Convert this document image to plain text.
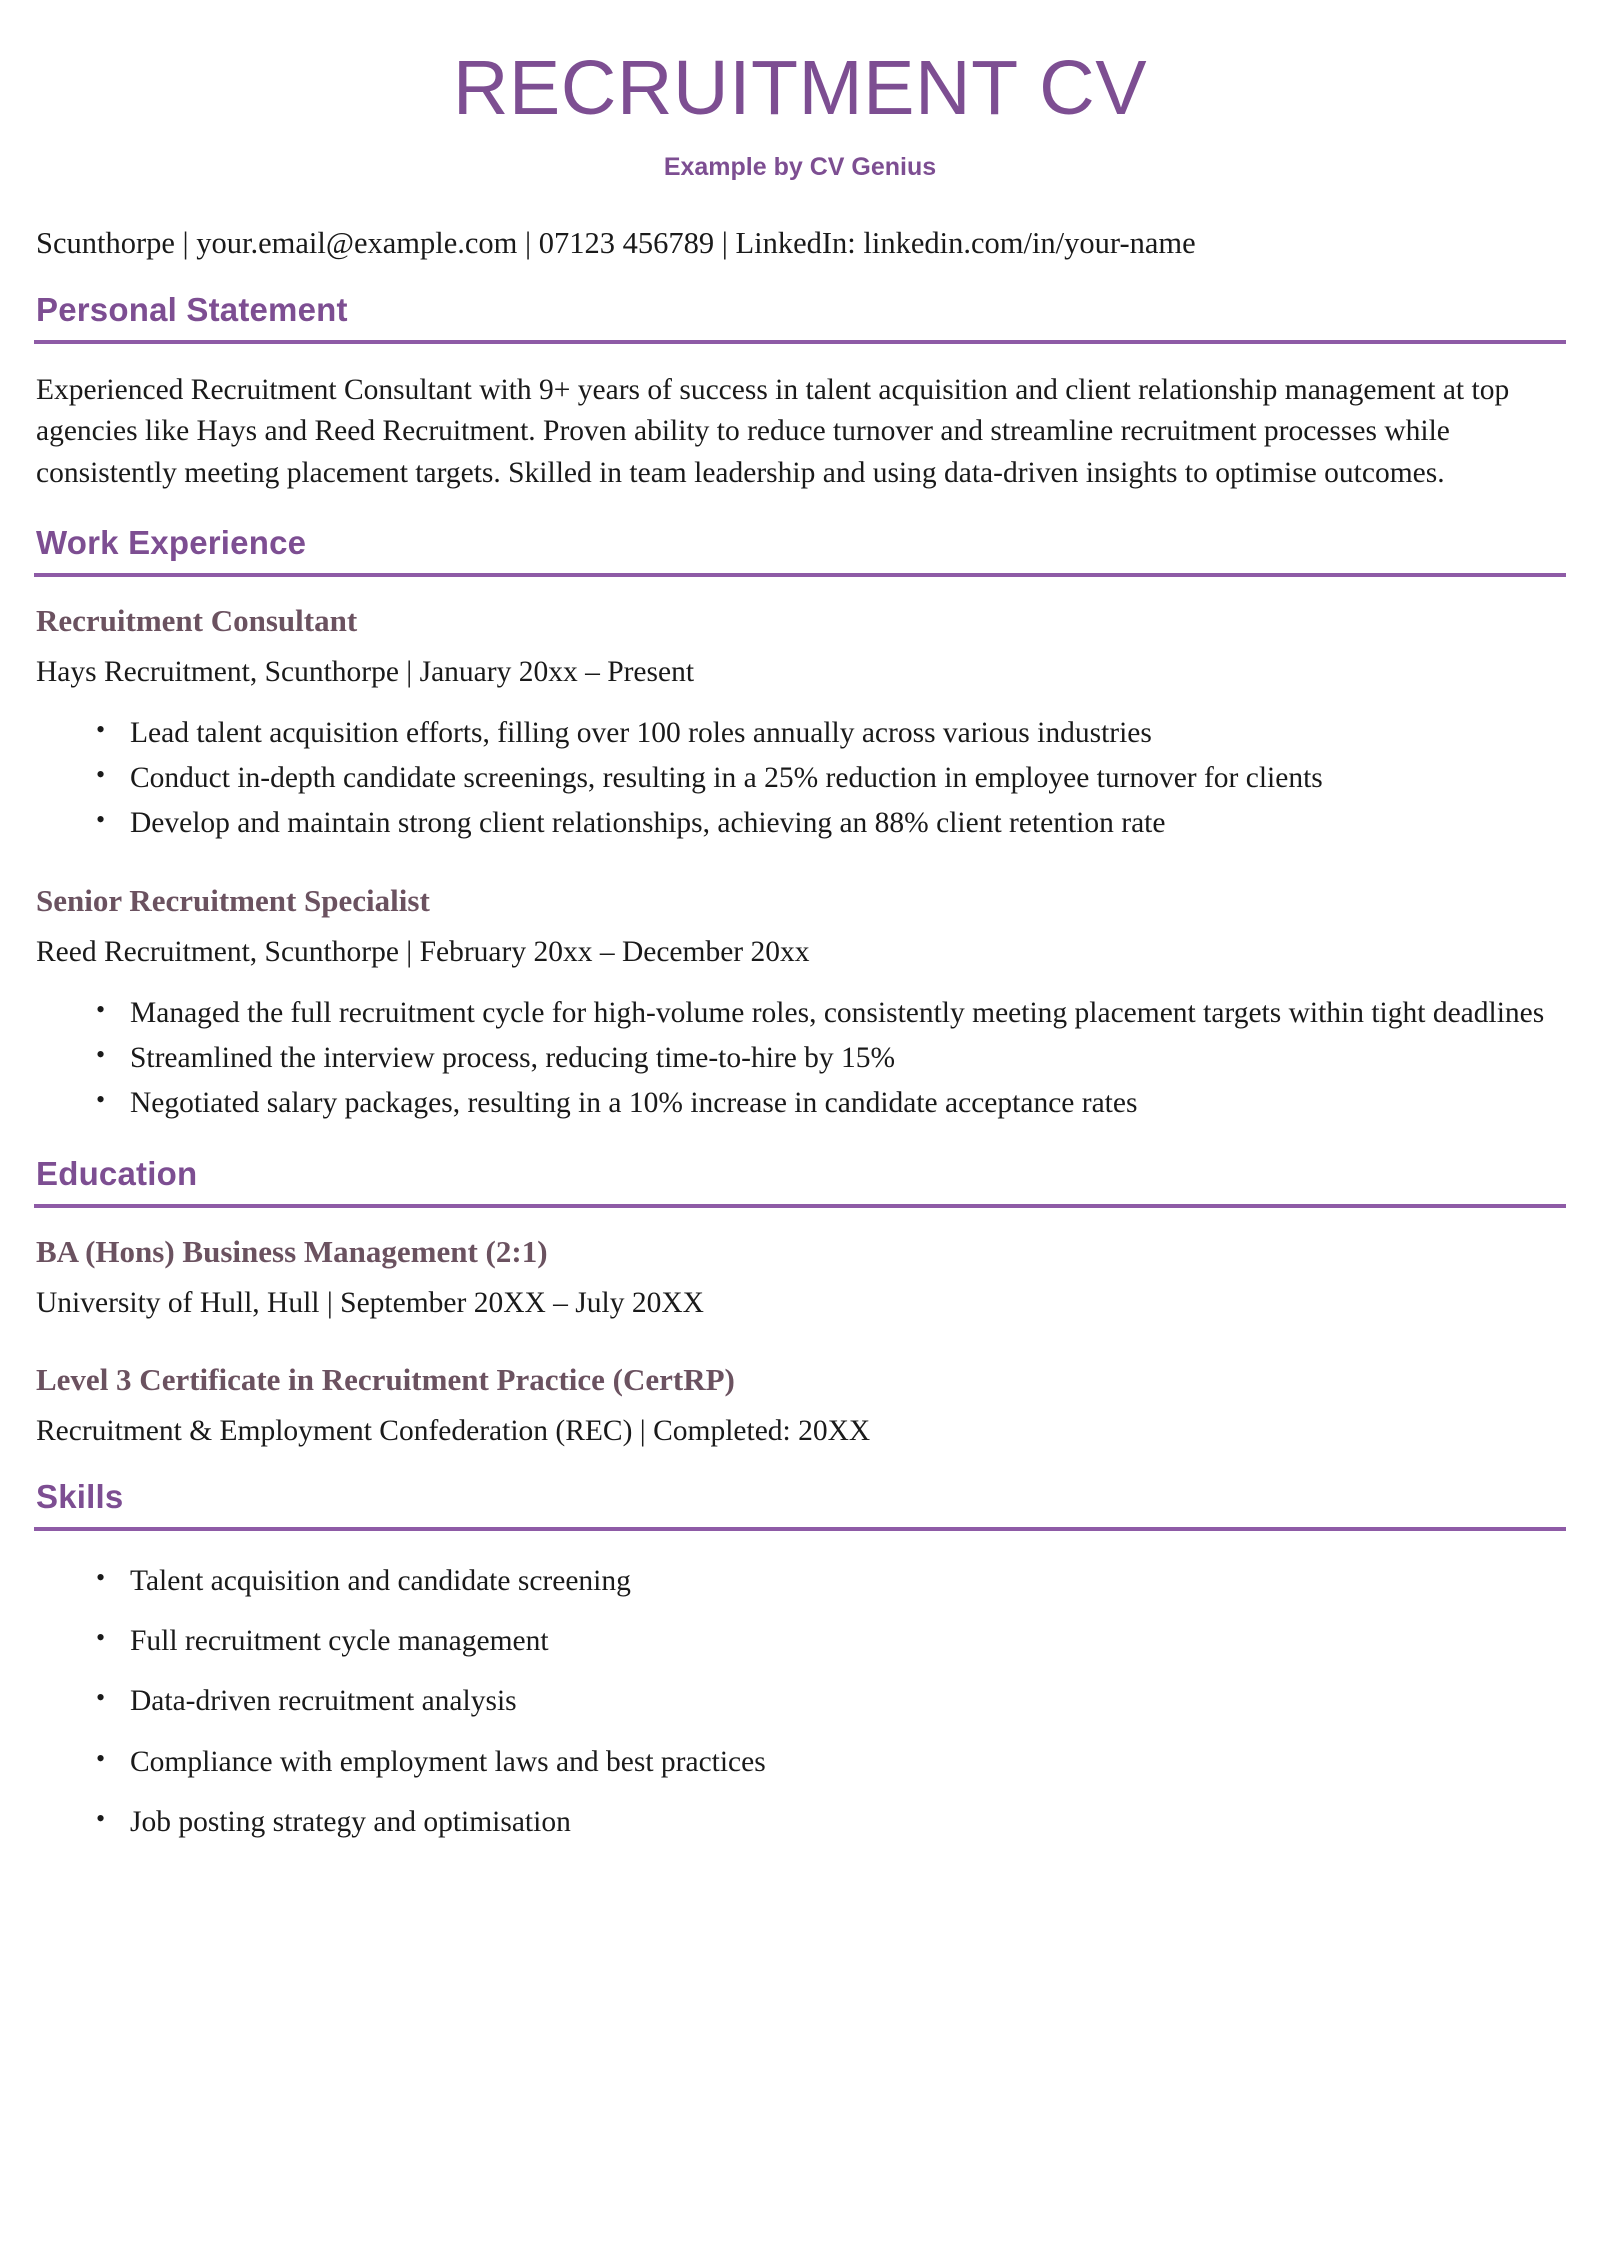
RECRUITMENT CV
Example by CV Genius
Scunthorpe | your.email@example.com | 07123 456789 | LinkedIn: linkedin.com/in/your-name
Personal Statement

Experienced Recruitment Consultant with 9+ years of success in talent acquisition and client relationship management at top agencies like Hays and Reed Recruitment. Proven ability to reduce turnover and streamline recruitment processes while consistently meeting placement targets. Skilled in team leadership and using data-driven insights to optimise outcomes.

Work Experience
Recruitment Consultant
Hays Recruitment, Scunthorpe | January 20xx – Present
• Lead talent acquisition efforts, filling over 100 roles annually across various industries
• Conduct in-depth candidate screenings, resulting in a 25% reduction in employee turnover for clients
• Develop and maintain strong client relationships, achieving an 88% client retention rate
Senior Recruitment Specialist
Reed Recruitment, Scunthorpe | February 20xx – December 20xx
• Managed the full recruitment cycle for high-volume roles, consistently meeting placement targets within tight deadlines
• Streamlined the interview process, reducing time-to-hire by 15%
• Negotiated salary packages, resulting in a 10% increase in candidate acceptance rates
Education
BA (Hons) Business Management (2:1)
University of Hull, Hull | September 20XX – July 20XX
Level 3 Certificate in Recruitment Practice (CertRP)
Recruitment & Employment Confederation (REC) | Completed: 20XX
Skills
• Talent acquisition and candidate screening
• Full recruitment cycle management
• Data-driven recruitment analysis
• Compliance with employment laws and best practices
• Job posting strategy and optimisation
